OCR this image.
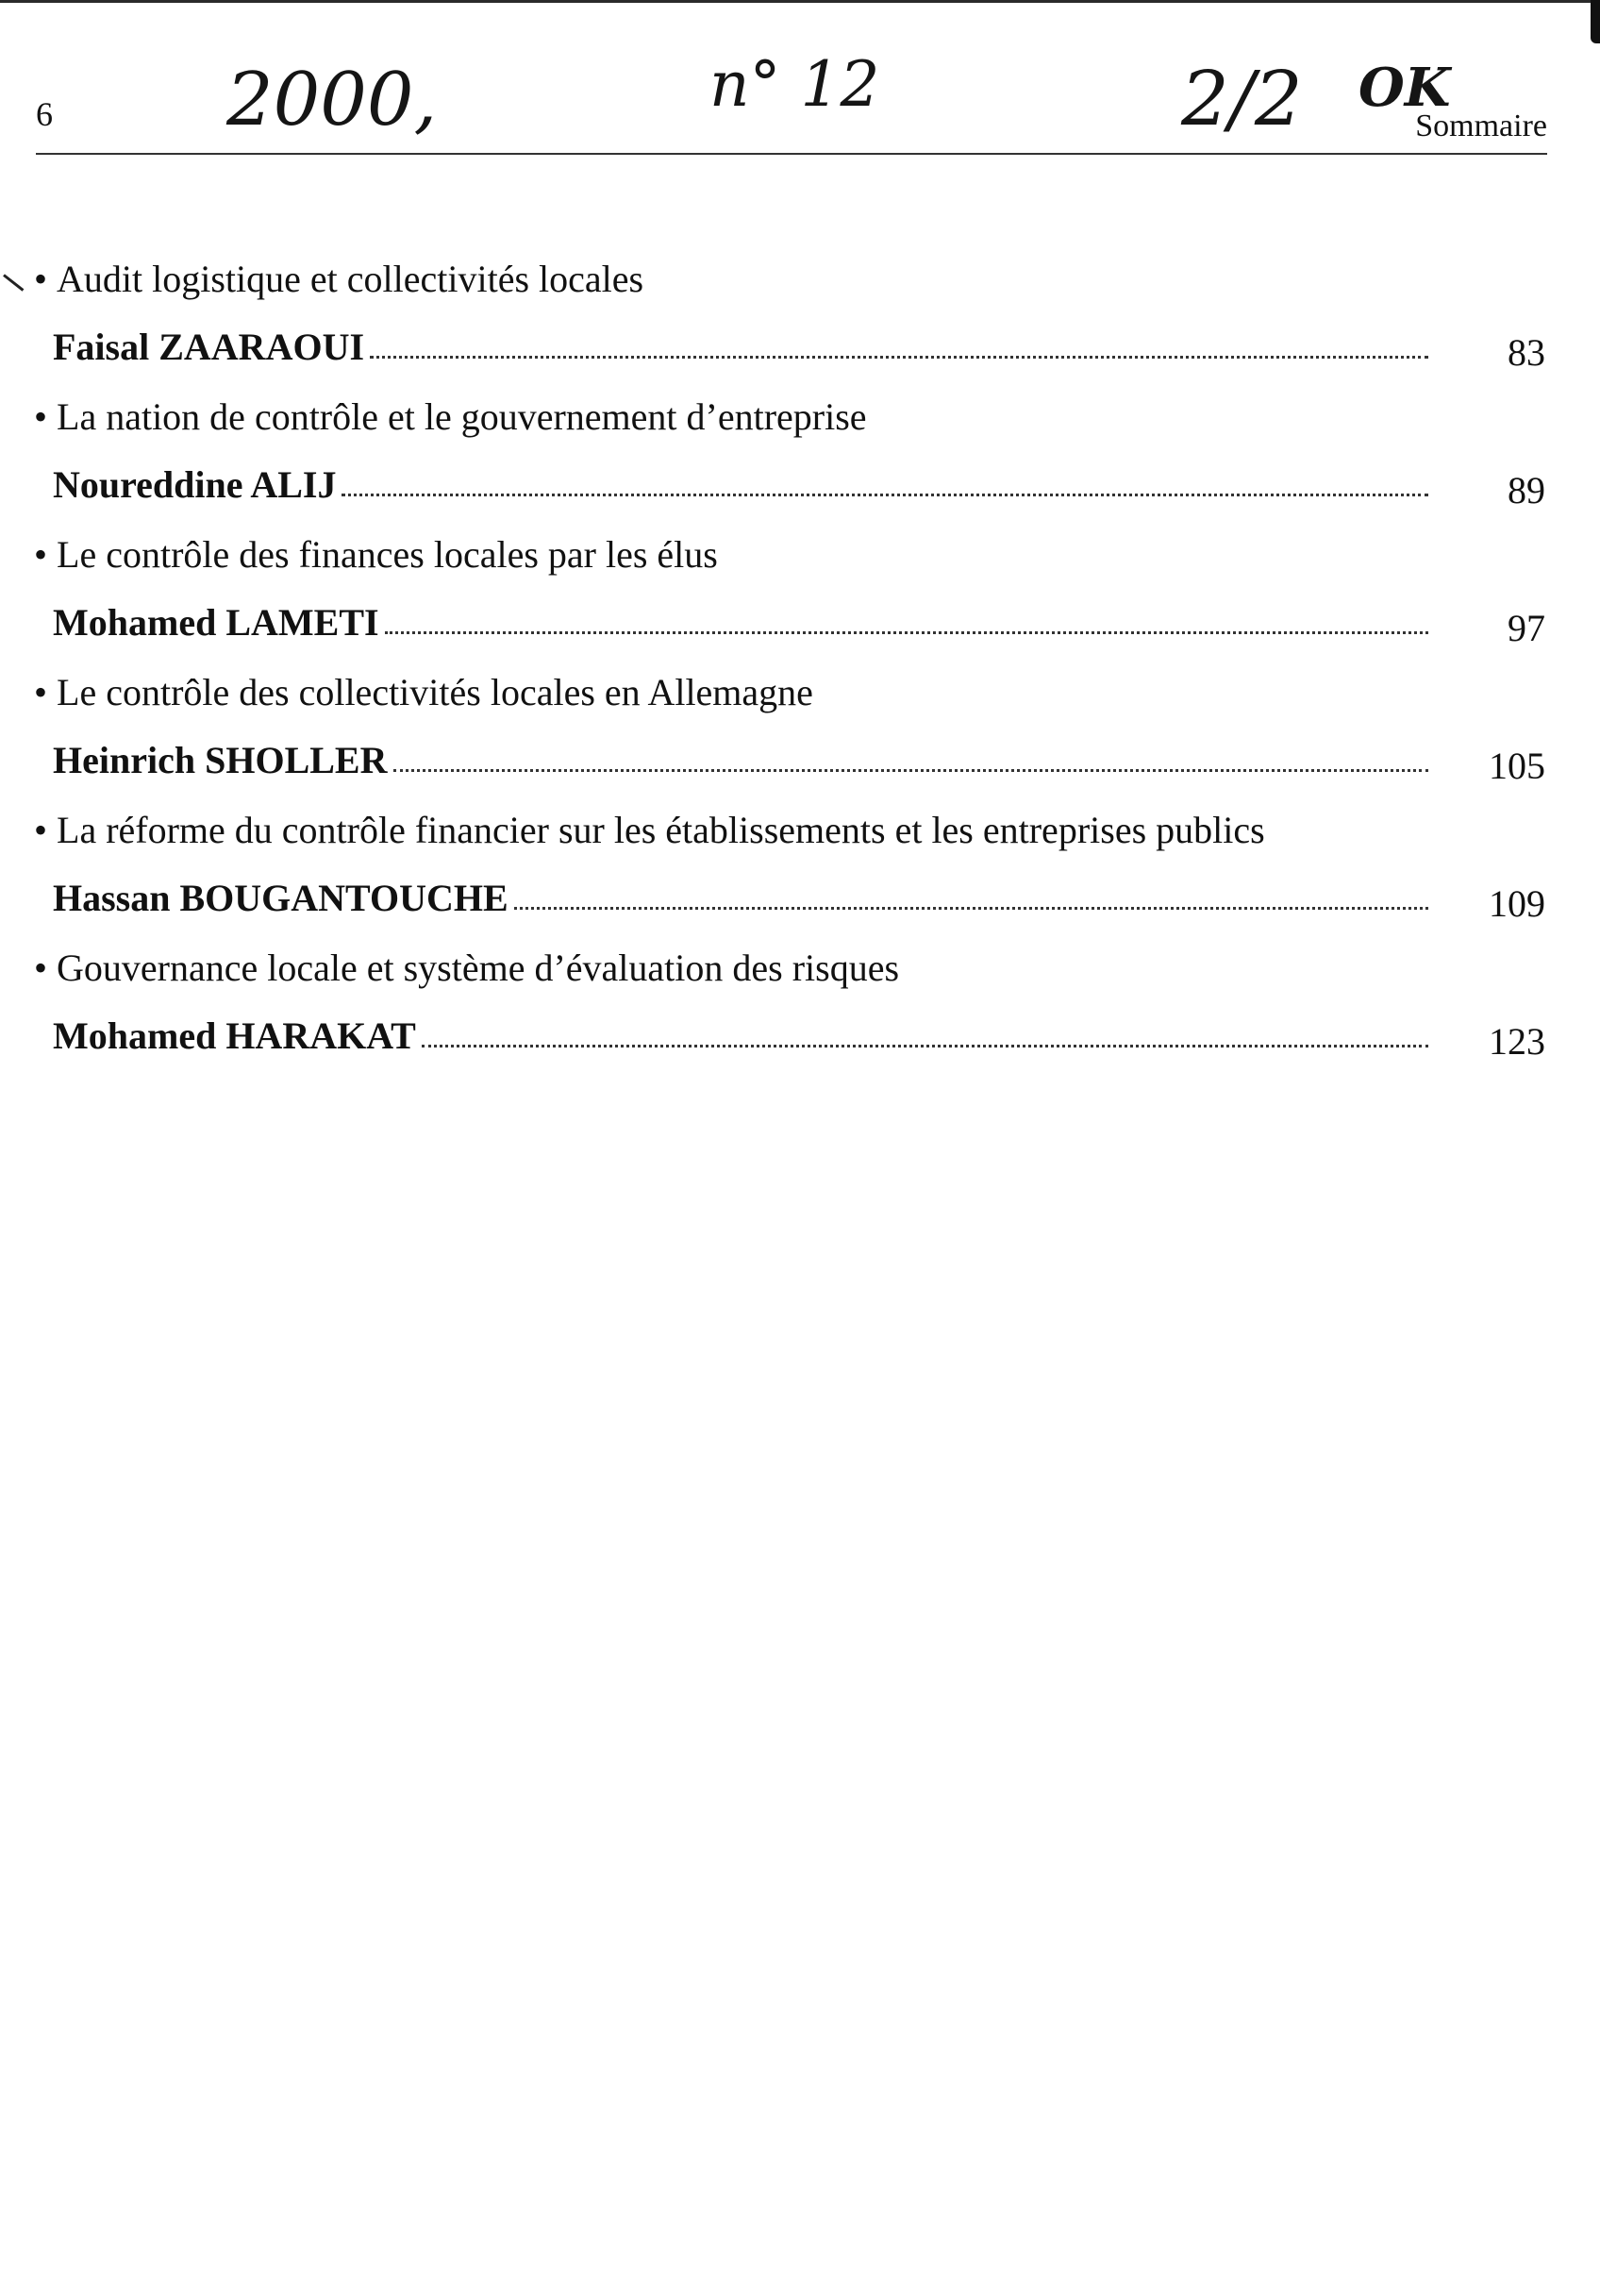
6	Sommaire
2000,	n° 12	2/2 OK
• Audit logistique et collectivités locales
Faisal ZAARAOUI	83
• La nation de contrôle et le gouvernement d’entreprise
Noureddine ALIJ	89
• Le contrôle des finances locales par les élus
Mohamed LAMETI	97
• Le contrôle des collectivités locales en Allemagne
Heinrich SHOLLER	105
• La réforme du contrôle financier sur les établissements et les entreprises publics
Hassan BOUGANTOUCHE	109
• Gouvernance locale et système d’évaluation des risques
Mohamed HARAKAT	123
